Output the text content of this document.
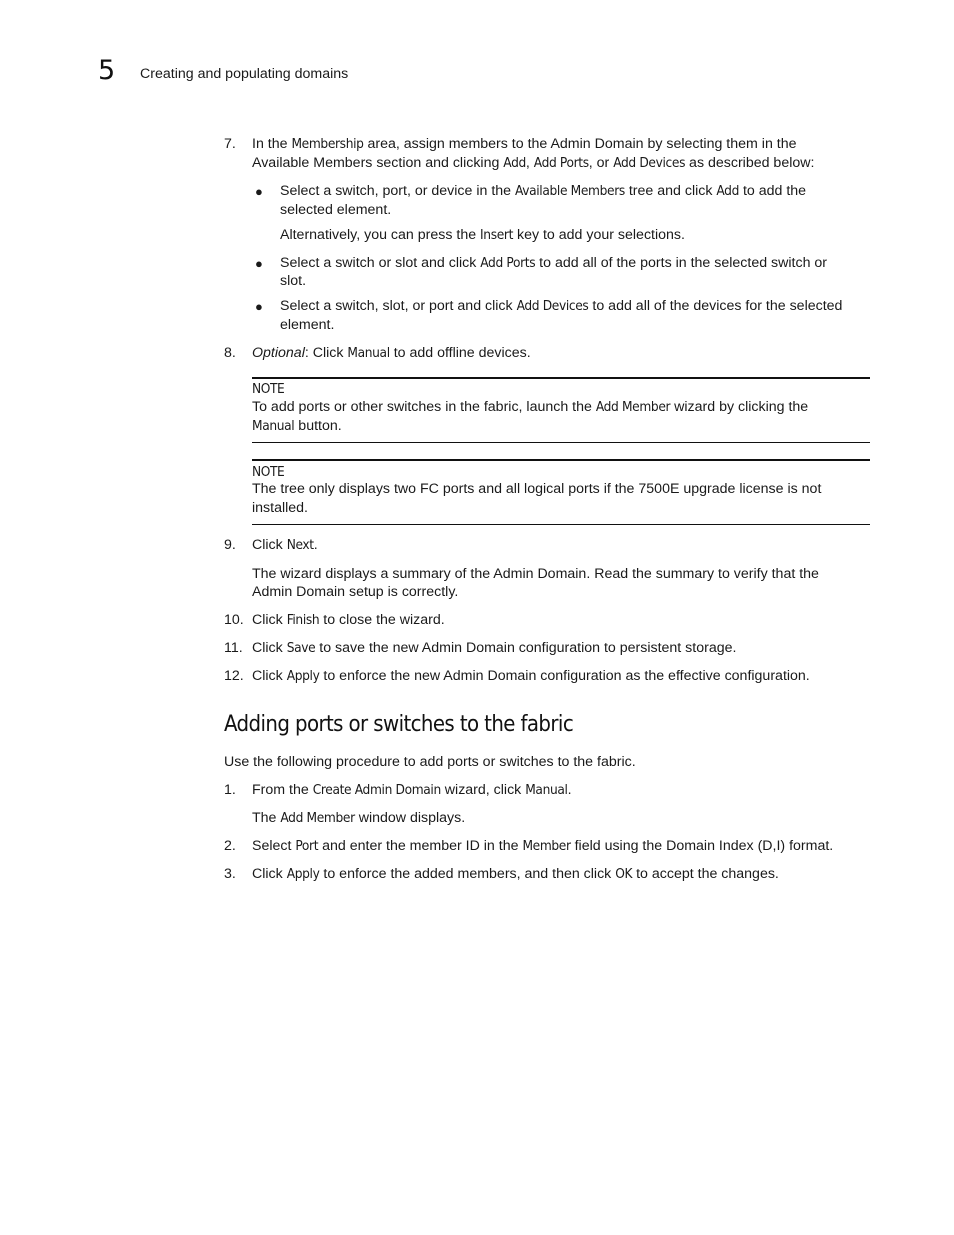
5 Creating and populating domains
7.	In the Membership area, assign members to the Admin Domain by selecting them in the
Available Members section and clicking Add, Add Ports, or Add Devices as described below:
● Select a switch, port, or device in the Available Members tree and click Add to add the
selected element.
Alternatively, you can press the Insert key to add your selections.
● Select a switch or slot and click Add Ports to add all of the ports in the selected switch or
slot.
● Select a switch, slot, or port and click Add Devices to add all of the devices for the selected
element.
8.	Optional: Click Manual to add offline devices.
NOTE
To add ports or other switches in the fabric, launch the Add Member wizard by clicking the
Manual button.
NOTE
The tree only displays two FC ports and all logical ports if the 7500E upgrade license is not
installed.
9.	Click Next.
The wizard displays a summary of the Admin Domain. Read the summary to verify that the
Admin Domain setup is correctly.
10. Click Finish to close the wizard.
11. Click Save to save the new Admin Domain configuration to persistent storage.
12. Click Apply to enforce the new Admin Domain configuration as the effective configuration.
Adding ports or switches to the fabric
Use the following procedure to add ports or switches to the fabric.
1.	From the Create Admin Domain wizard, click Manual.
The Add Member window displays.
2.	Select Port and enter the member ID in the Member field using the Domain Index (D,I) format.
3.	Click Apply to enforce the added members, and then click OK to accept the changes.
